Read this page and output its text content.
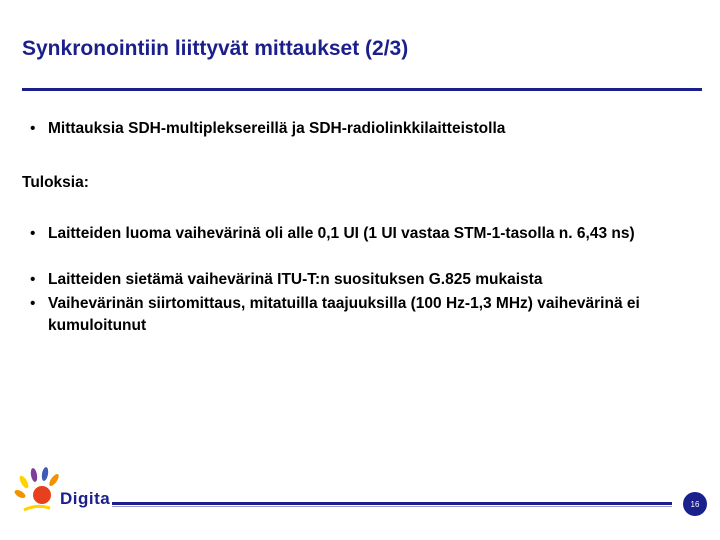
Synkronointiin liittyvät mittaukset (2/3)
• Mittauksia SDH-multipleksereillä ja SDH-radiolinkkilaitteistolla
Tuloksia:
• Laitteiden luoma vaihevärinä oli alle 0,1 UI (1 UI vastaa STM-1-tasolla n. 6,43 ns)
• Laitteiden sietämä vaihevärinä ITU-T:n suosituksen G.825 mukaista
• Vaihevärinän siirtomittaus, mitatuilla taajuuksilla (100 Hz-1,3 MHz) vaihevärinä ei kumuloitunut
Digita	16
